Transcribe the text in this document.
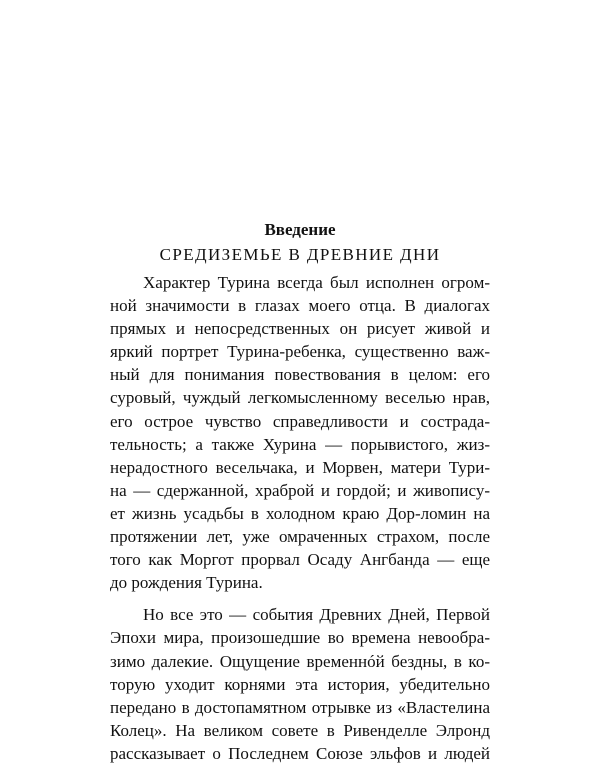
Введение
СРЕДИЗЕМЬЕ В ДРЕВНИЕ ДНИ
Характер Турина всегда был исполнен огром-
ной значимости в глазах моего отца. В диалогах
прямых и непосредственных он рисует живой и
яркий портрет Турина-ребенка, существенно важ-
ный для понимания повествования в целом: его
суровый, чуждый легкомысленному веселью нрав,
его острое чувство справедливости и сострада-
тельность; а также Хурина — порывистого, жиз-
нерадостного весельчака, и Морвен, матери Тури-
на — сдержанной, храброй и гордой; и живопису-
ет жизнь усадьбы в холодном краю Дор-ломин на
протяжении лет, уже омраченных страхом, после
того как Моргот прорвал Осаду Ангбанда — еще
до рождения Турина.
Но все это — события Древних Дней, Первой
Эпохи мира, произошедшие во времена невообра-
зимо далекие. Ощущение временнóй бездны, в ко-
торую уходит корнями эта история, убедительно
передано в достопамятном отрывке из «Властелина
Колец». На великом совете в Ривенделле Элронд
рассказывает о Последнем Союзе эльфов и людей
